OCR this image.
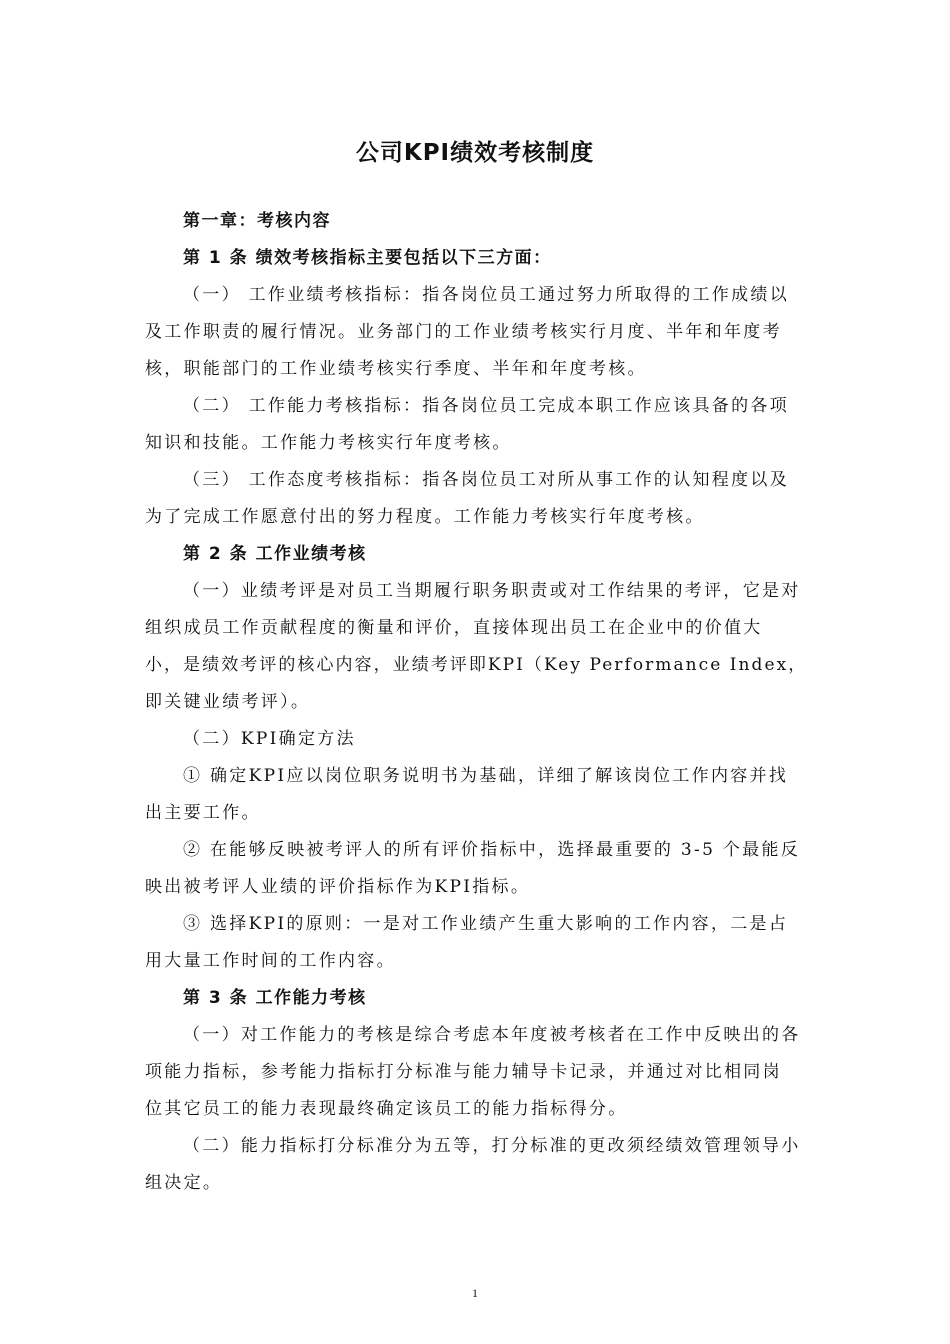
公司KPI绩效考核制度

第一章：考核内容

第 1 条 绩效考核指标主要包括以下三方面：

（一） 工作业绩考核指标：指各岗位员工通过努力所取得的工作成绩以

及工作职责的履行情况。业务部门的工作业绩考核实行月度、半年和年度考

核，职能部门的工作业绩考核实行季度、半年和年度考核。

（二） 工作能力考核指标：指各岗位员工完成本职工作应该具备的各项

知识和技能。工作能力考核实行年度考核。

（三） 工作态度考核指标：指各岗位员工对所从事工作的认知程度以及

为了完成工作愿意付出的努力程度。工作能力考核实行年度考核。

第 2 条 工作业绩考核

（一）业绩考评是对员工当期履行职务职责或对工作结果的考评，它是对

组织成员工作贡献程度的衡量和评价，直接体现出员工在企业中的价值大

小，是绩效考评的核心内容，业绩考评即KPI（Key Performance Index，

即关键业绩考评）。

（二）KPI确定方法

① 确定KPI应以岗位职务说明书为基础，详细了解该岗位工作内容并找

出主要工作。

② 在能够反映被考评人的所有评价指标中，选择最重要的 3-5 个最能反

映出被考评人业绩的评价指标作为KPI指标。

③ 选择KPI的原则：一是对工作业绩产生重大影响的工作内容，二是占

用大量工作时间的工作内容。

第 3 条 工作能力考核

（一）对工作能力的考核是综合考虑本年度被考核者在工作中反映出的各

项能力指标，参考能力指标打分标准与能力辅导卡记录，并通过对比相同岗

位其它员工的能力表现最终确定该员工的能力指标得分。

（二）能力指标打分标准分为五等，打分标准的更改须经绩效管理领导小

组决定。

1
